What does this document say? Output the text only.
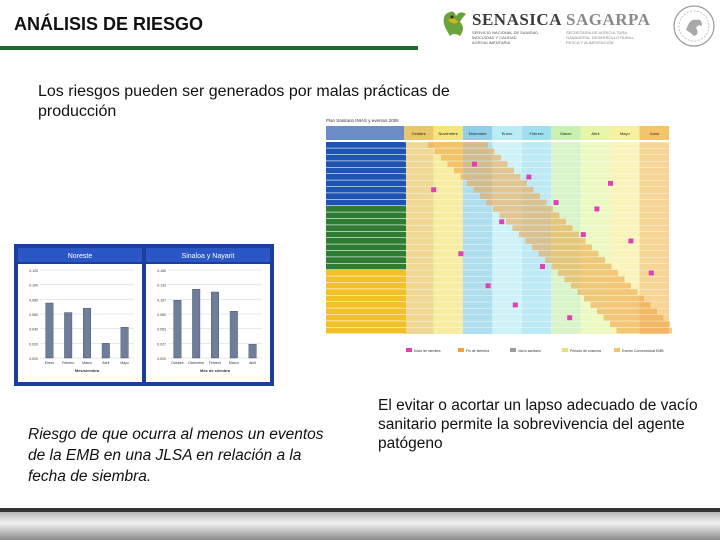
ANÁLISIS DE RIESGO	SENASICA
SERVICIO NACIONAL DE SANIDAD, INOCUIDAD Y CALIDAD AGROALIMENTARIA
SAGARPA
SECRETARÍA DE AGRICULTURA, GANADERÍA, DESARROLLO RURAL, PESCA Y ALIMENTACIÓN
Los riesgos pueden ser generados por malas prácticas de producción
Noreste
0.000
0.020
0.040
0.060
0.080
0.100
0.120
Enero Febrero Marzo	Abril	Mayo
Mes/siembra
Sinaloa y Nayarit
0.000
0.027
0.053
0.080
0.107
0.133
0.160
Octubre Diciembre Febrero Marzo	Abril
Mes de siembra
Plan Sanitario INIAS y eventos 2006
Octubre	Noviembre	Diciembre	Enero	Febrero	Marzo	Abril	Mayo	Junio
Inicio de siembra	Fin de siembra	Vacío sanitario	Periodo de cosecha	Evento Convencional EMB
Riesgo de que ocurra al menos un eventos de la EMB en una JLSA en relación a la fecha de siembra.
El evitar o acortar un lapso adecuado de vacío sanitario permite la sobrevivencia del agente patógeno
